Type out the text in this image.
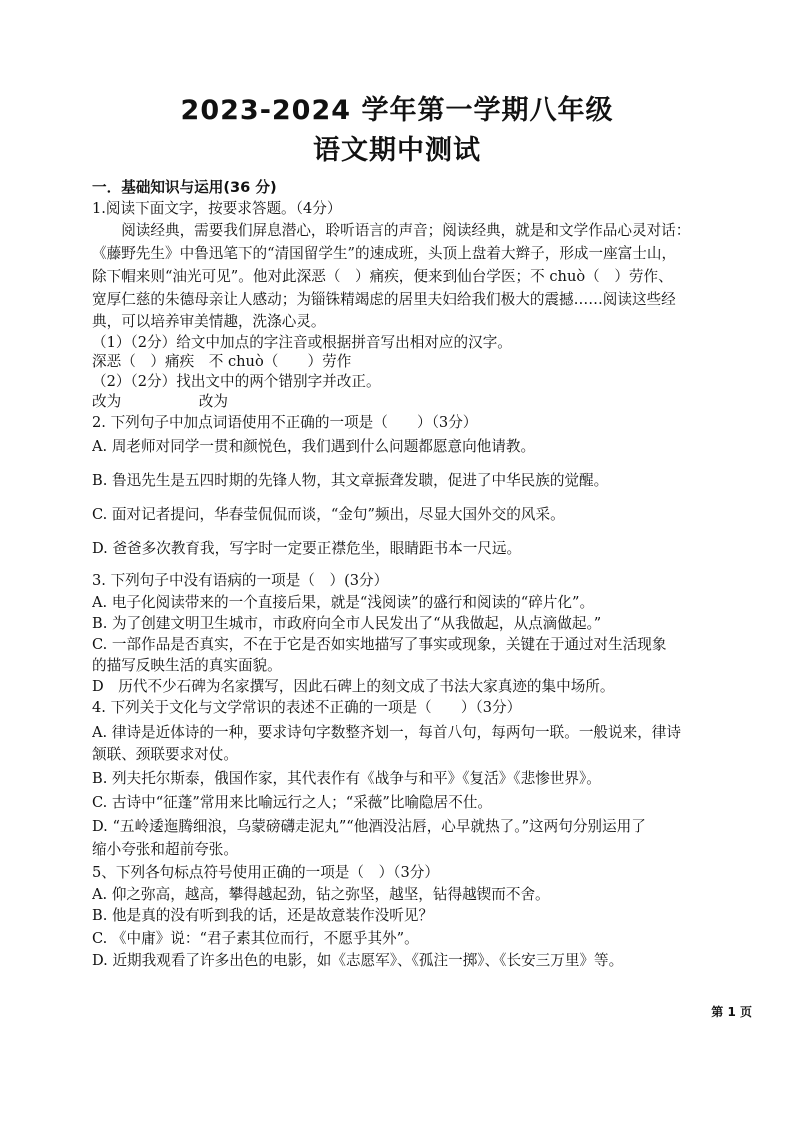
2023-2024 学年第一学期八年级
语文期中测试
一．基础知识与运用(36 分)
1.阅读下面文字，按要求答题。（4分）
　　阅读经典，需要我们屏息潜心，聆听语言的声音；阅读经典，就是和文学作品心灵对话：
《藤野先生》中鲁迅笔下的“清国留学生”的速成班，头顶上盘着大辫子，形成一座富士山，
除下帽来则“油光可见”。他对此深恶（　）痛疾，便来到仙台学医；不 chuò（　）劳作、
宽厚仁慈的朱德母亲让人感动；为锱铢精竭虑的居里夫妇给我们极大的震撼……阅读这些经
典，可以培养审美情趣，洗涤心灵。
（1）（2分）给文中加点的字注音或根据拼音写出相对应的汉字。
深恶（　）痛疾　不 chuò（　　）劳作
（2）（2分）找出文中的两个错别字并改正。
改为　　　　　 改为
2. 下列句子中加点词语使用不正确的一项是（　　）（3分）
A. 周老师对同学一贯和颜悦色，我们遇到什么问题都愿意向他请教。
B. 鲁迅先生是五四时期的先锋人物，其文章振聋发聩，促进了中华民族的觉醒。
C. 面对记者提问，华春莹侃侃而谈，“金句”频出，尽显大国外交的风采。
D. 爸爸多次教育我，写字时一定要正襟危坐，眼睛距书本一尺远。
3. 下列句子中没有语病的一项是（　）(3分）
A. 电子化阅读带来的一个直接后果，就是“浅阅读”的盛行和阅读的“碎片化”。
B. 为了创建文明卫生城市，市政府向全市人民发出了“从我做起，从点滴做起。”
C. 一部作品是否真实，不在于它是否如实地描写了事实或现象，关键在于通过对生活现象
的描写反映生活的真实面貌。
D　历代不少石碑为名家撰写，因此石碑上的刻文成了书法大家真迹的集中场所。
4. 下列关于文化与文学常识的表述不正确的一项是（　　）（3分）
A. 律诗是近体诗的一种，要求诗句字数整齐划一，每首八句，每两句一联。一般说来，律诗
颔联、颈联要求对仗。
B. 列夫托尔斯泰，俄国作家，其代表作有《战争与和平》《复活》《悲惨世界》。
C. 古诗中“征蓬”常用来比喻远行之人；“采薇”比喻隐居不仕。
D. “五岭逶迤腾细浪，乌蒙磅礴走泥丸”“他酒没沾唇，心早就热了。”这两句分别运用了
缩小夸张和超前夸张。
5、下列各句标点符号使用正确的一项是（　）（3分）
A. 仰之弥高，越高，攀得越起劲，钻之弥坚，越坚，钻得越锲而不舍。
B. 他是真的没有听到我的话，还是故意装作没听见？
C. 《中庸》说：“君子素其位而行，不愿乎其外”。
D. 近期我观看了许多出色的电影，如《志愿军》、《孤注一掷》、《长安三万里》等。
第 1 页
